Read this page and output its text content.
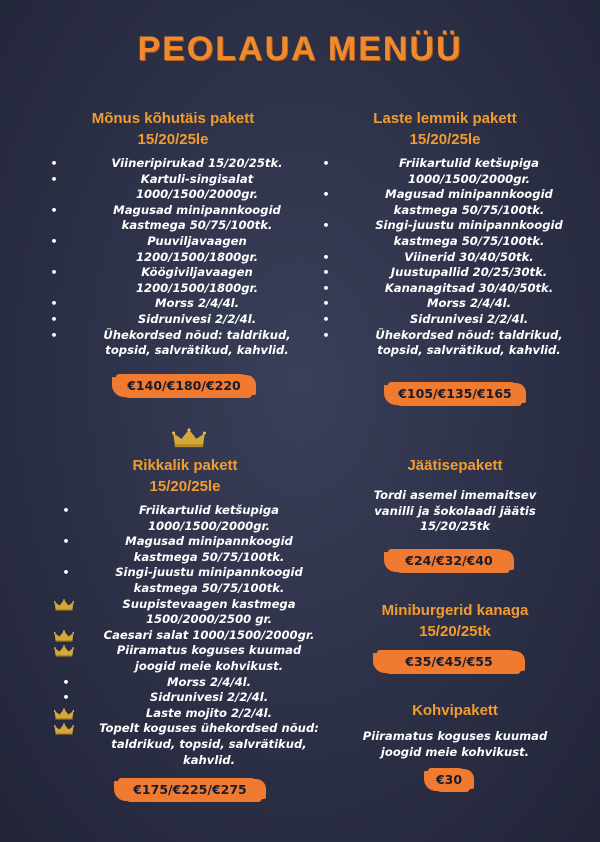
PEOLAUA MENÜÜ
Mõnus kõhutäis pakett
15/20/25le
•	Viineripirukad 15/20/25tk.
•	Kartuli-singisalat 1000/1500/2000gr.
•	Magusad minipannkoogid kastmega 50/75/100tk.
•	Puuviljavaagen 1200/1500/1800gr.
•	Köögiviljavaagen 1200/1500/1800gr.
•	Morss 2/4/4l.
•	Sidrunivesi 2/2/4l.
•	Ühekordsed nõud: taldrikud, topsid, salvrätikud, kahvlid.
€140/€180/€220
Laste lemmik pakett
15/20/25le
•	Friikartulid ketšupiga 1000/1500/2000gr.
•	Magusad minipannkoogid kastmega 50/75/100tk.
•	Singi-juustu minipannkoogid kastmega 50/75/100tk.
•	Viinerid 30/40/50tk.
•	Juustupallid 20/25/30tk.
•	Kananagitsad 30/40/50tk.
•	Morss 2/4/4l.
•	Sidrunivesi 2/2/4l.
•	Ühekordsed nõud: taldrikud, topsid, salvrätikud, kahvlid.
€105/€135/€165
Rikkalik pakett
15/20/25le
•	Friikartulid ketšupiga 1000/1500/2000gr.
•	Magusad minipannkoogid kastmega 50/75/100tk.
•	Singi-juustu minipannkoogid kastmega 50/75/100tk.
Suupistevaagen kastmega 1500/2000/2500 gr.
Caesari salat 1000/1500/2000gr.
Piiramatus koguses kuumad joogid meie kohvikust.
•	Morss 2/4/4l.
•	Sidrunivesi 2/2/4l.
Laste mojito 2/2/4l.
Topelt koguses ühekordsed nõud: taldrikud, topsid, salvrätikud, kahvlid.
€175/€225/€275
Jäätisepakett
Tordi asemel imemaitsev vanilli ja šokolaadi jäätis 15/20/25tk
€24/€32/€40
Miniburgerid kanaga
15/20/25tk
€35/€45/€55
Kohvipakett
Piiramatus koguses kuumad joogid meie kohvikust.
€30
